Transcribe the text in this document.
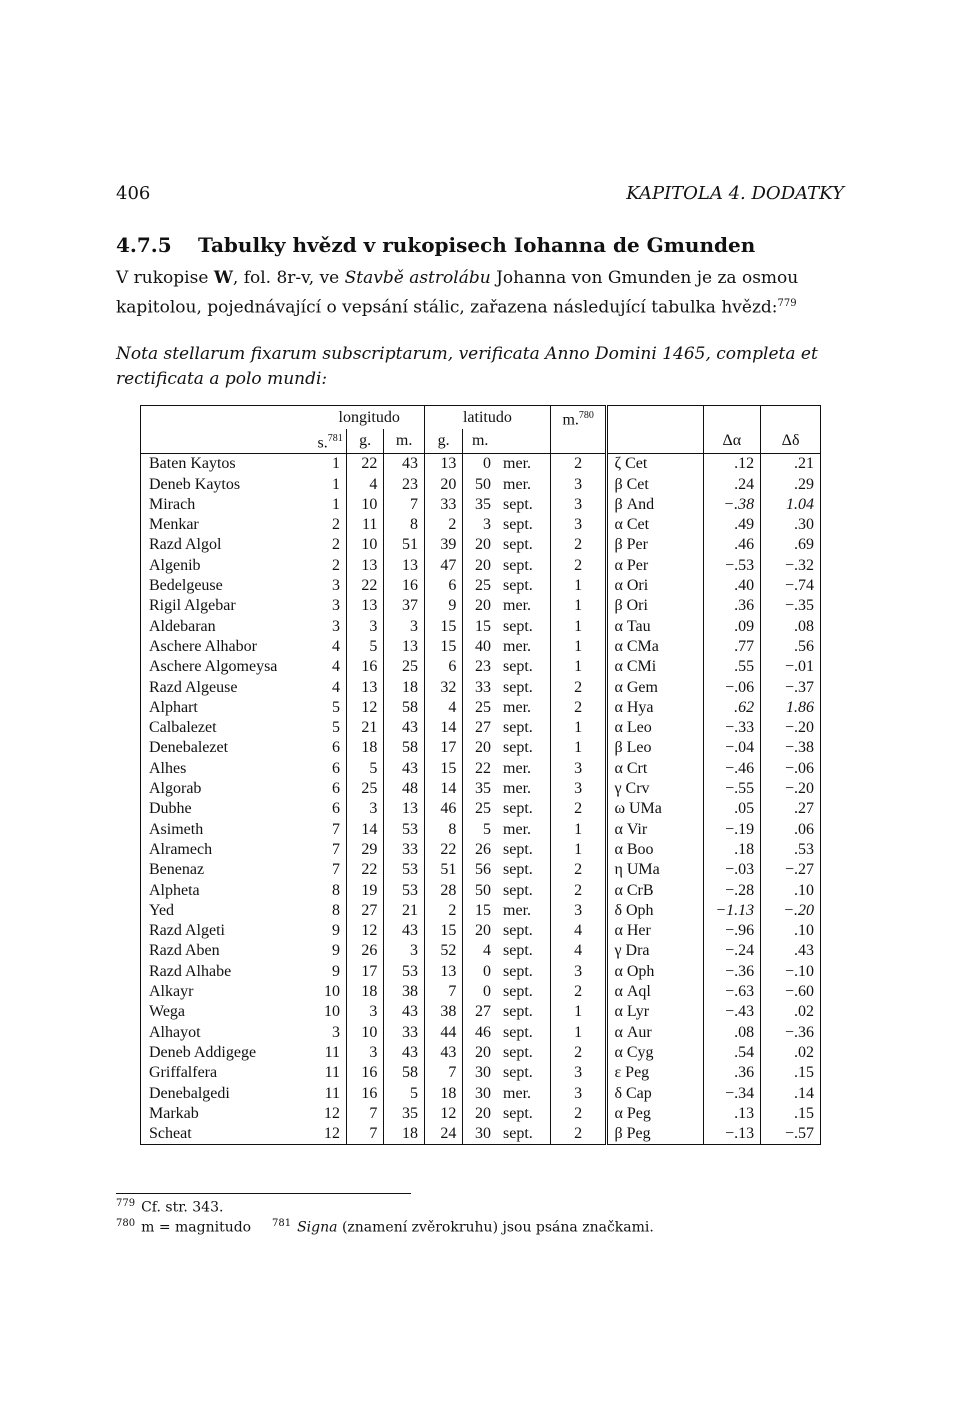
406	KAPITOLA 4. DODATKY
4.7.5 Tabulky hvězd v rukopisech Iohanna de Gmunden
V rukopise W, fol. 8r-v, ve Stavbě astrolábu Johanna von Gmunden je za osmou kapitolou, pojednávající o vepsání stálic, zařazena následující tabulka hvězd:$^{779}$
Nota stellarum fixarum subscriptarum, verificata Anno Domini 1465, completa et rectificata a polo mundi:
	longitudo			latitudo			m.$^{780}$			
	s.$^{781}$	g.	m.	g.	m.				Δα	Δδ
Baten Kaytos	1	22	43	13	0	mer.	2	ζ Cet	.12	.21
Deneb Kaytos	1	4	23	20	50	mer.	3	β Cet	.24	.29
Mirach	1	10	7	33	35	sept.	3	β And	−.38	1.04
Menkar	2	11	8	2	3	sept.	3	α Cet	.49	.30
Razd Algol	2	10	51	39	20	sept.	2	β Per	.46	.69
Algenib	2	13	13	47	20	sept.	2	α Per	−.53	−.32
Bedelgeuse	3	22	16	6	25	sept.	1	α Ori	.40	−.74
Rigil Algebar	3	13	37	9	20	mer.	1	β Ori	.36	−.35
Aldebaran	3	3	3	15	15	sept.	1	α Tau	.09	.08
Aschere Alhabor	4	5	13	15	40	mer.	1	α CMa	.77	.56
Aschere Algomeysa	4	16	25	6	23	sept.	1	α CMi	.55	−.01
Razd Algeuse	4	13	18	32	33	sept.	2	α Gem	−.06	−.37
Alphart	5	12	58	4	25	mer.	2	α Hya	.62	1.86
Calbalezet	5	21	43	14	27	sept.	1	α Leo	−.33	−.20
Denebalezet	6	18	58	17	20	sept.	1	β Leo	−.04	−.38
Alhes	6	5	43	15	22	mer.	3	α Crt	−.46	−.06
Algorab	6	25	48	14	35	mer.	3	γ Crv	−.55	−.20
Dubhe	6	3	13	46	25	sept.	2	ω UMa	.05	.27
Asimeth	7	14	53	8	5	mer.	1	α Vir	−.19	.06
Alramech	7	29	33	22	26	sept.	1	α Boo	.18	.53
Benenaz	7	22	53	51	56	sept.	2	η UMa	−.03	−.27
Alpheta	8	19	53	28	50	sept.	2	α CrB	−.28	.10
Yed	8	27	21	2	15	mer.	3	δ Oph	−1.13	−.20
Razd Algeti	9	12	43	15	20	sept.	4	α Her	−.96	.10
Razd Aben	9	26	3	52	4	sept.	4	γ Dra	−.24	.43
Razd Alhabe	9	17	53	13	0	sept.	3	α Oph	−.36	−.10
Alkayr	10	18	38	7	0	sept.	2	α Aql	−.63	−.60
Wega	10	3	43	38	27	sept.	1	α Lyr	−.43	.02
Alhayot	3	10	33	44	46	sept.	1	α Aur	.08	−.36
Deneb Addigege	11	3	43	43	20	sept.	2	α Cyg	.54	.02
Griffalfera	11	16	58	7	30	sept.	3	ε Peg	.36	.15
Denebalgedi	11	16	5	18	30	mer.	3	δ Cap	−.34	.14
Markab	12	7	35	12	20	sept.	2	α Peg	.13	.15
Scheat	12	7	18	24	30	sept.	2	β Peg	−.13	−.57
$^{779}$ Cf. str. 343.
$^{780}$ m = magnitudo $^{781}$ Signa (znamení zvěrokruhu) jsou psána značkami.
